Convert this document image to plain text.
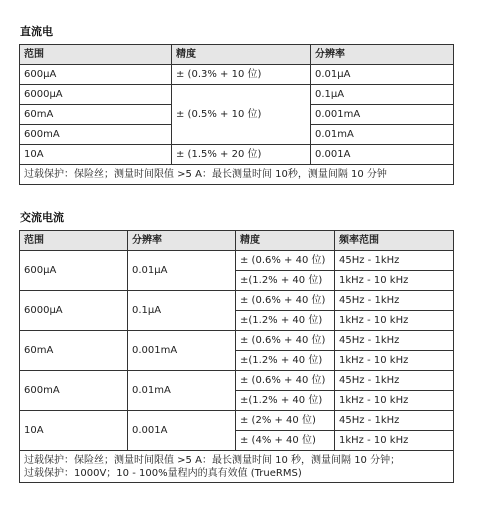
直流电
范围	精度	分辨率
600µA	± (0.3% + 10 位)	0.01µA
6000µA	± (0.5% + 10 位)	0.1µA
60mA		0.001mA
600mA		0.01mA
10A	± (1.5% + 20 位)	0.001A
过载保护：保险丝；测量时间限值 >5 A：最长测量时间 10秒，测量间隔 10 分钟		
交流电流
范围	分辨率	精度	频率范围
600µA	0.01µA	± (0.6% + 40 位)	45Hz - 1kHz
		±(1.2% + 40 位)	1kHz - 10 kHz
6000µA	0.1µA	± (0.6% + 40 位)	45Hz - 1kHz
		±(1.2% + 40 位)	1kHz - 10 kHz
60mA	0.001mA	± (0.6% + 40 位)	45Hz - 1kHz
		±(1.2% + 40 位)	1kHz - 10 kHz
600mA	0.01mA	± (0.6% + 40 位)	45Hz - 1kHz
		±(1.2% + 40 位)	1kHz - 10 kHz
10A	0.001A	± (2% + 40 位)	45Hz - 1kHz
		± (4% + 40 位)	1kHz - 10 kHz

过载保护：保险丝；测量时间限值 >5 A：最长测量时间 10 秒，测量间隔 10 分钟；
过载保护：1000V；10 - 100%量程内的真有效值 (TrueRMS)			
